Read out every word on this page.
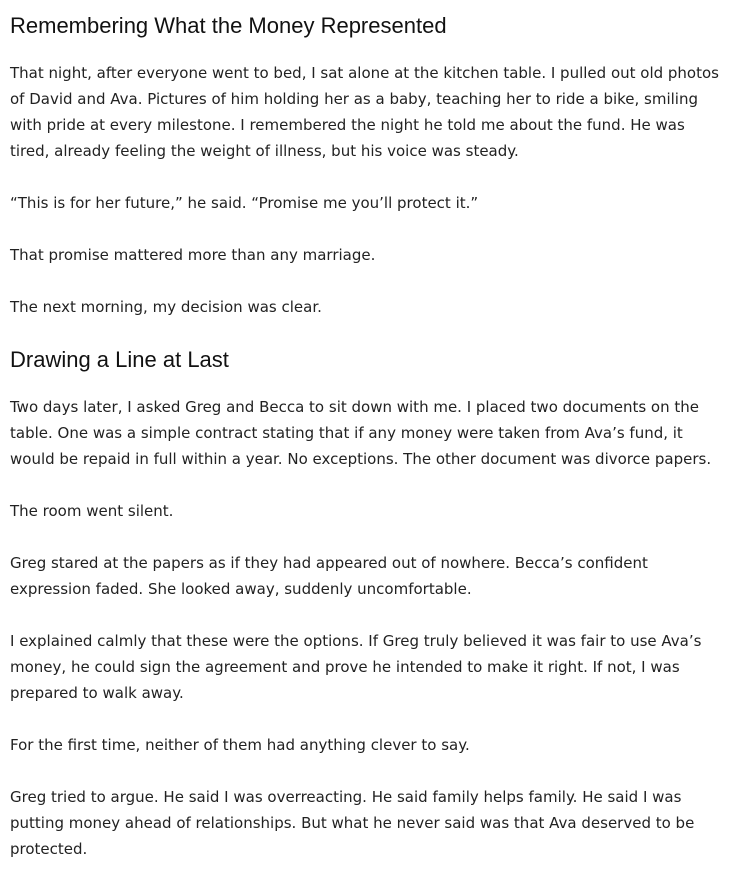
Remembering What the Money Represented

That night, after everyone went to bed, I sat alone at the kitchen table. I pulled out old photos of David and Ava. Pictures of him holding her as a baby, teaching her to ride a bike, smiling with pride at every milestone. I remembered the night he told me about the fund. He was tired, already feeling the weight of illness, but his voice was steady.

“This is for her future,” he said. “Promise me you’ll protect it.”

That promise mattered more than any marriage.

The next morning, my decision was clear.

Drawing a Line at Last

Two days later, I asked Greg and Becca to sit down with me. I placed two documents on the table. One was a simple contract stating that if any money were taken from Ava’s fund, it would be repaid in full within a year. No exceptions. The other document was divorce papers.

The room went silent.

Greg stared at the papers as if they had appeared out of nowhere. Becca’s confident expression faded. She looked away, suddenly uncomfortable.

I explained calmly that these were the options. If Greg truly believed it was fair to use Ava’s money, he could sign the agreement and prove he intended to make it right. If not, I was prepared to walk away.

For the first time, neither of them had anything clever to say.

Greg tried to argue. He said I was overreacting. He said family helps family. He said I was putting money ahead of relationships. But what he never said was that Ava deserved to be protected.
